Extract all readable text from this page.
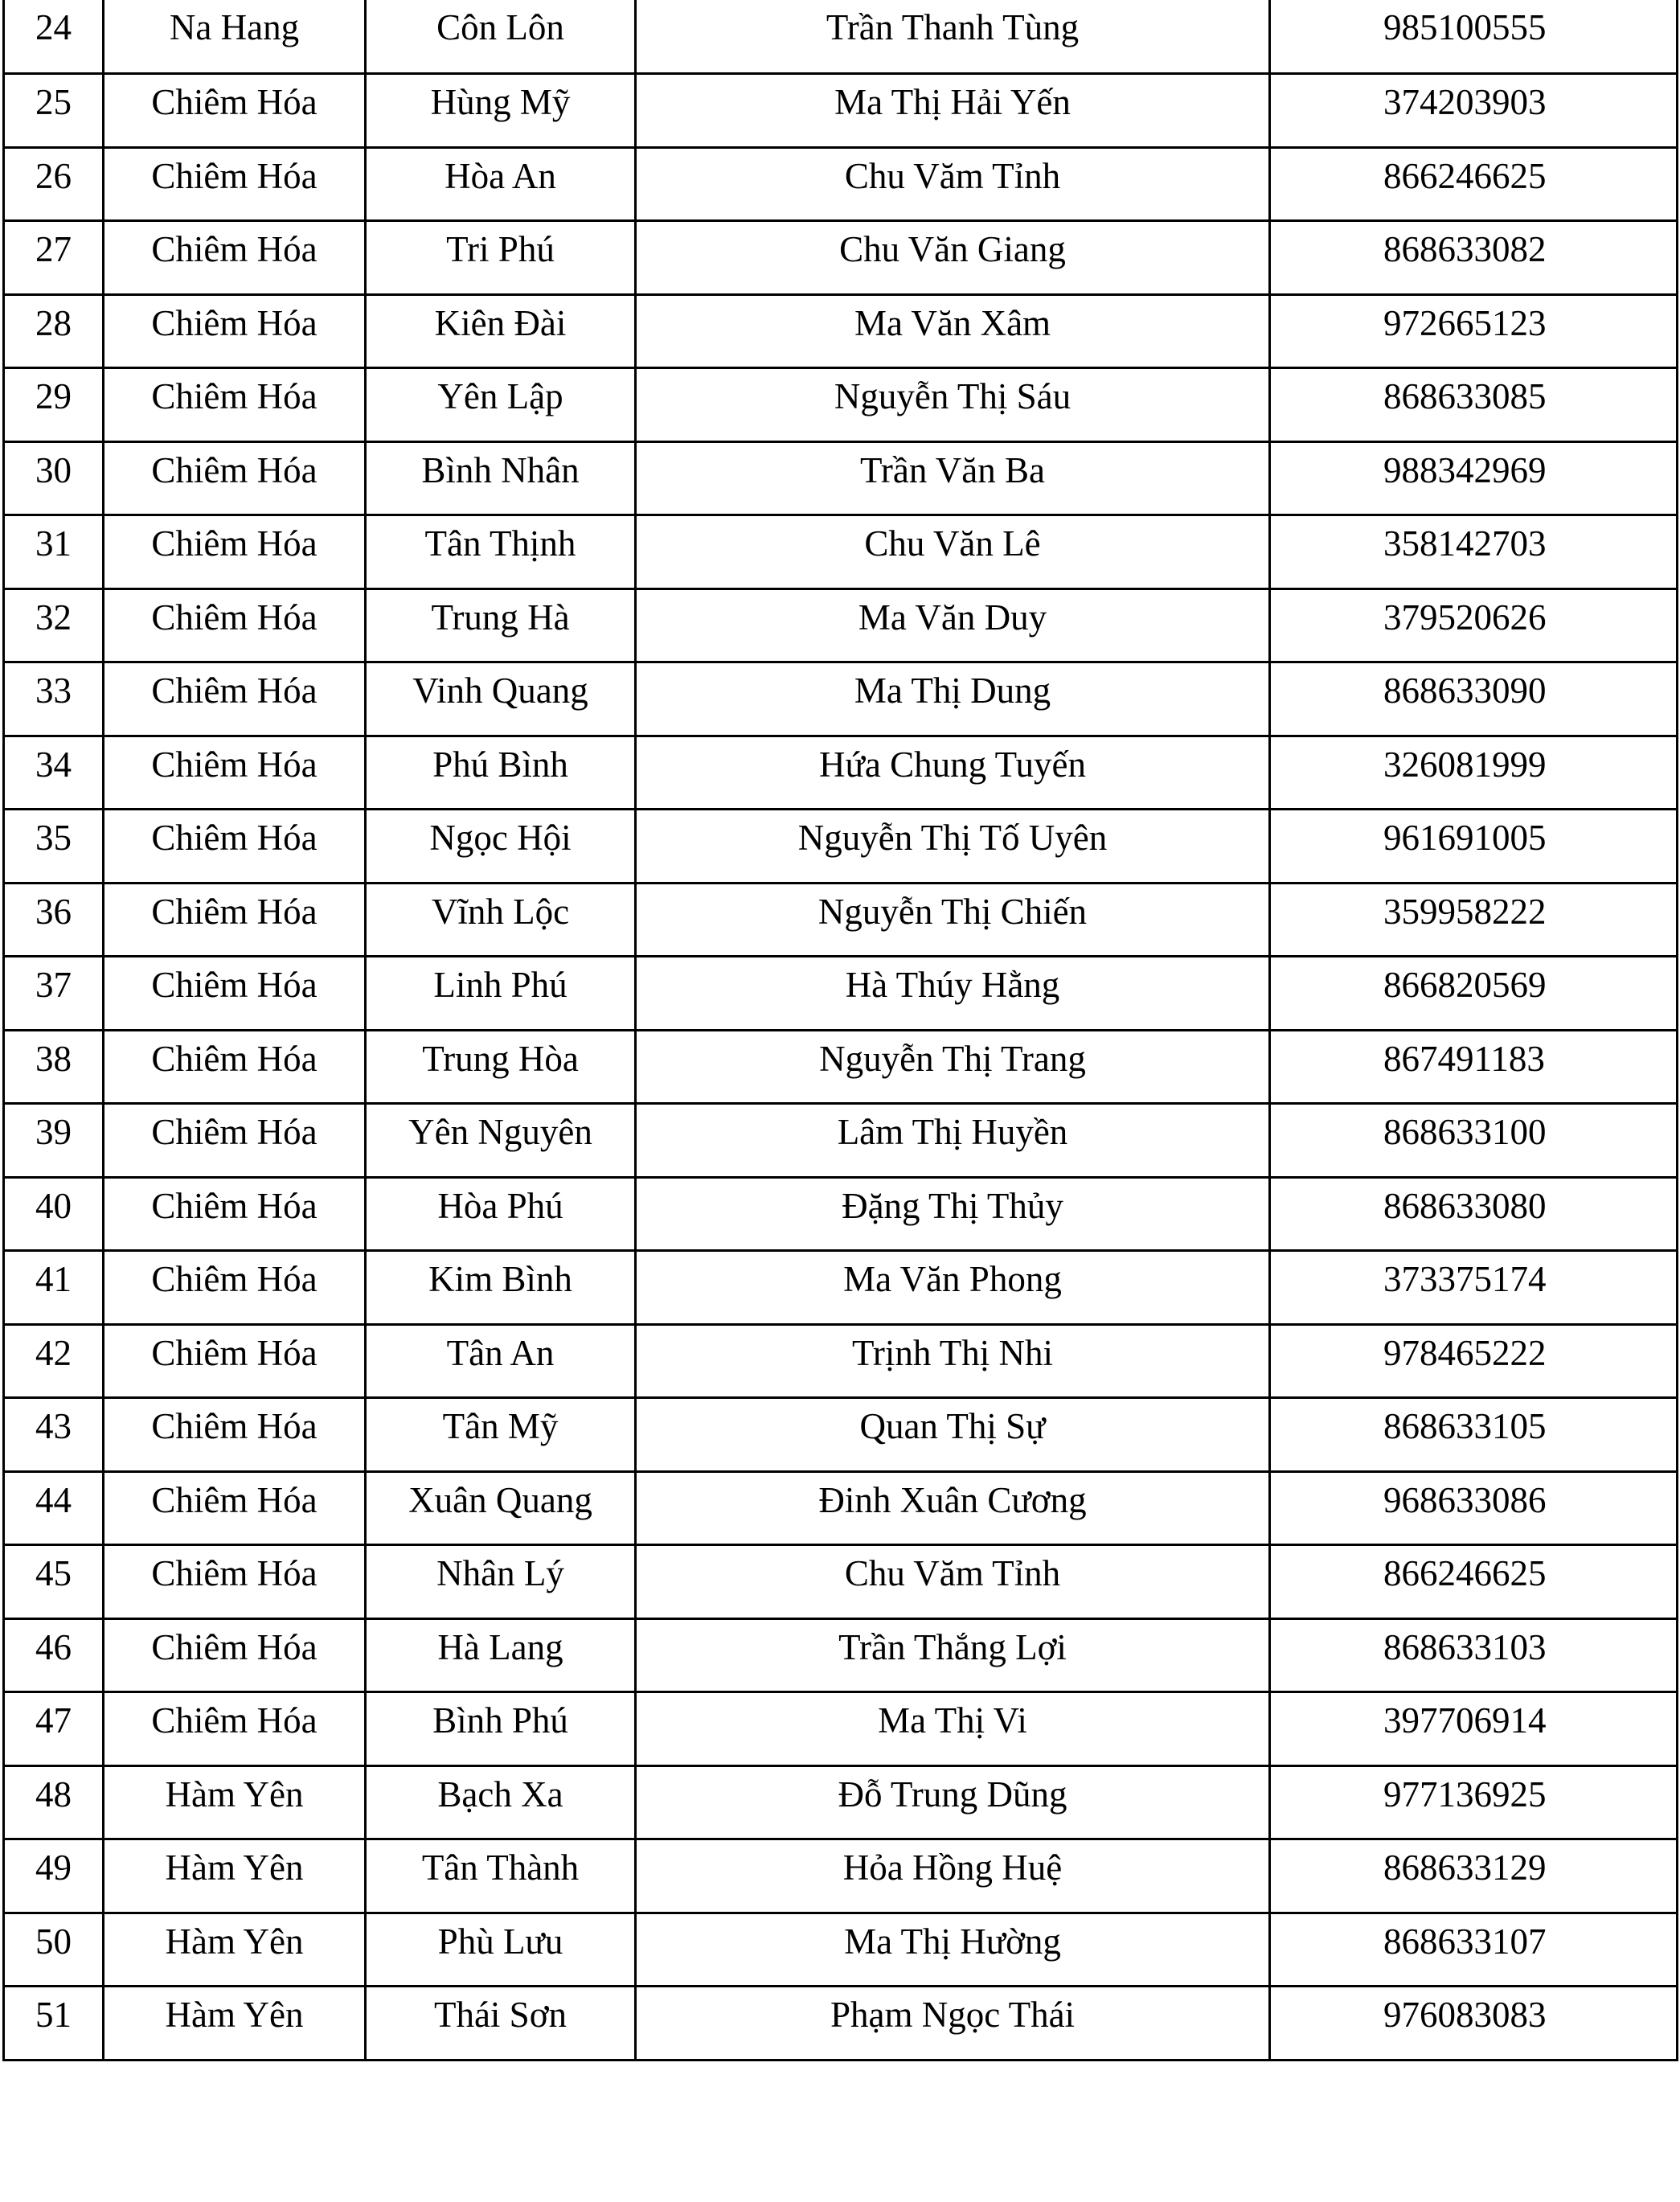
24	Na Hang	Côn Lôn	Trần Thanh Tùng	985100555
25	Chiêm Hóa	Hùng Mỹ	Ma Thị Hải Yến	374203903
26	Chiêm Hóa	Hòa An	Chu Văm Tỉnh	866246625
27	Chiêm Hóa	Tri Phú	Chu Văn Giang	868633082
28	Chiêm Hóa	Kiên Đài	Ma Văn Xâm	972665123
29	Chiêm Hóa	Yên Lập	Nguyễn Thị Sáu	868633085
30	Chiêm Hóa	Bình Nhân	Trần Văn Ba	988342969
31	Chiêm Hóa	Tân Thịnh	Chu Văn Lê	358142703
32	Chiêm Hóa	Trung Hà	Ma Văn Duy	379520626
33	Chiêm Hóa	Vinh Quang	Ma Thị Dung	868633090
34	Chiêm Hóa	Phú Bình	Hứa Chung Tuyến	326081999
35	Chiêm Hóa	Ngọc Hội	Nguyễn Thị Tố Uyên	961691005
36	Chiêm Hóa	Vĩnh Lộc	Nguyễn Thị Chiến	359958222
37	Chiêm Hóa	Linh Phú	Hà Thúy Hằng	866820569
38	Chiêm Hóa	Trung Hòa	Nguyễn Thị Trang	867491183
39	Chiêm Hóa	Yên Nguyên	Lâm Thị Huyền	868633100
40	Chiêm Hóa	Hòa Phú	Đặng Thị Thủy	868633080
41	Chiêm Hóa	Kim Bình	Ma Văn Phong	373375174
42	Chiêm Hóa	Tân An	Trịnh Thị Nhi	978465222
43	Chiêm Hóa	Tân Mỹ	Quan Thị Sự	868633105
44	Chiêm Hóa	Xuân Quang	Đinh Xuân Cương	968633086
45	Chiêm Hóa	Nhân Lý	Chu Văm Tỉnh	866246625
46	Chiêm Hóa	Hà Lang	Trần Thắng Lợi	868633103
47	Chiêm Hóa	Bình Phú	Ma Thị Vi	397706914
48	Hàm Yên	Bạch Xa	Đỗ Trung Dũng	977136925
49	Hàm Yên	Tân Thành	Hỏa Hồng Huệ	868633129
50	Hàm Yên	Phù Lưu	Ma Thị Hường	868633107
51	Hàm Yên	Thái Sơn	Phạm Ngọc Thái	976083083
